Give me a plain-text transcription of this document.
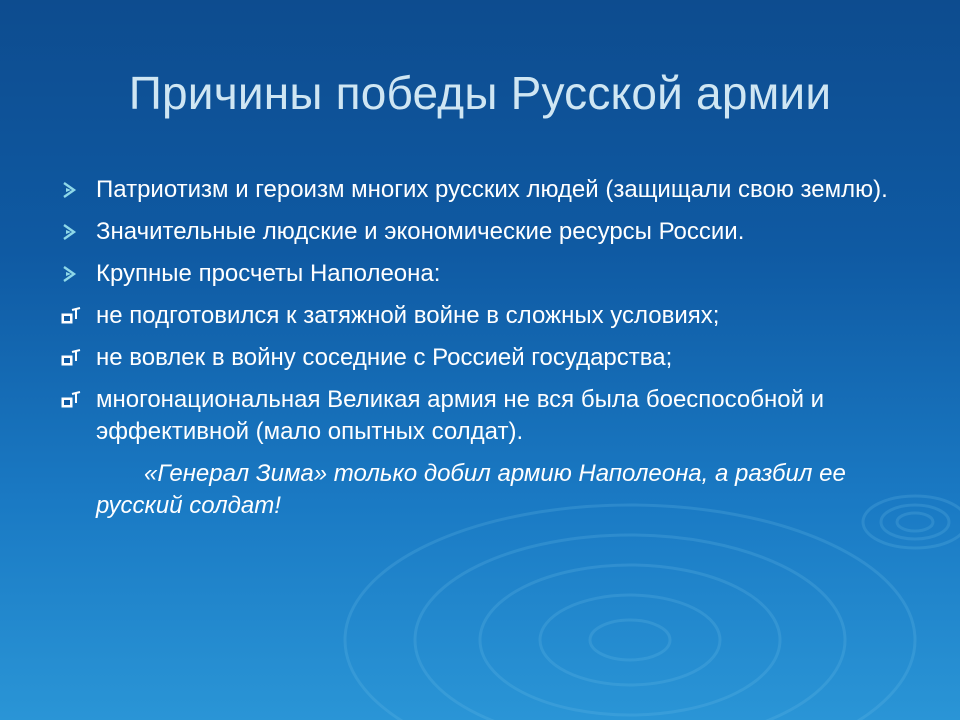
Причины победы Русской армии
Патриотизм и героизм многих русских людей (защищали свою землю).
Значительные людские и экономические ресурсы России.
Крупные просчеты Наполеона:
не подготовился к затяжной войне в сложных условиях;
не вовлек в войну соседние с Россией государства;
многонациональная Великая армия не вся была боеспособной и эффективной (мало опытных солдат).
«Генерал Зима» только добил армию Наполеона, а разбил ее русский солдат!
